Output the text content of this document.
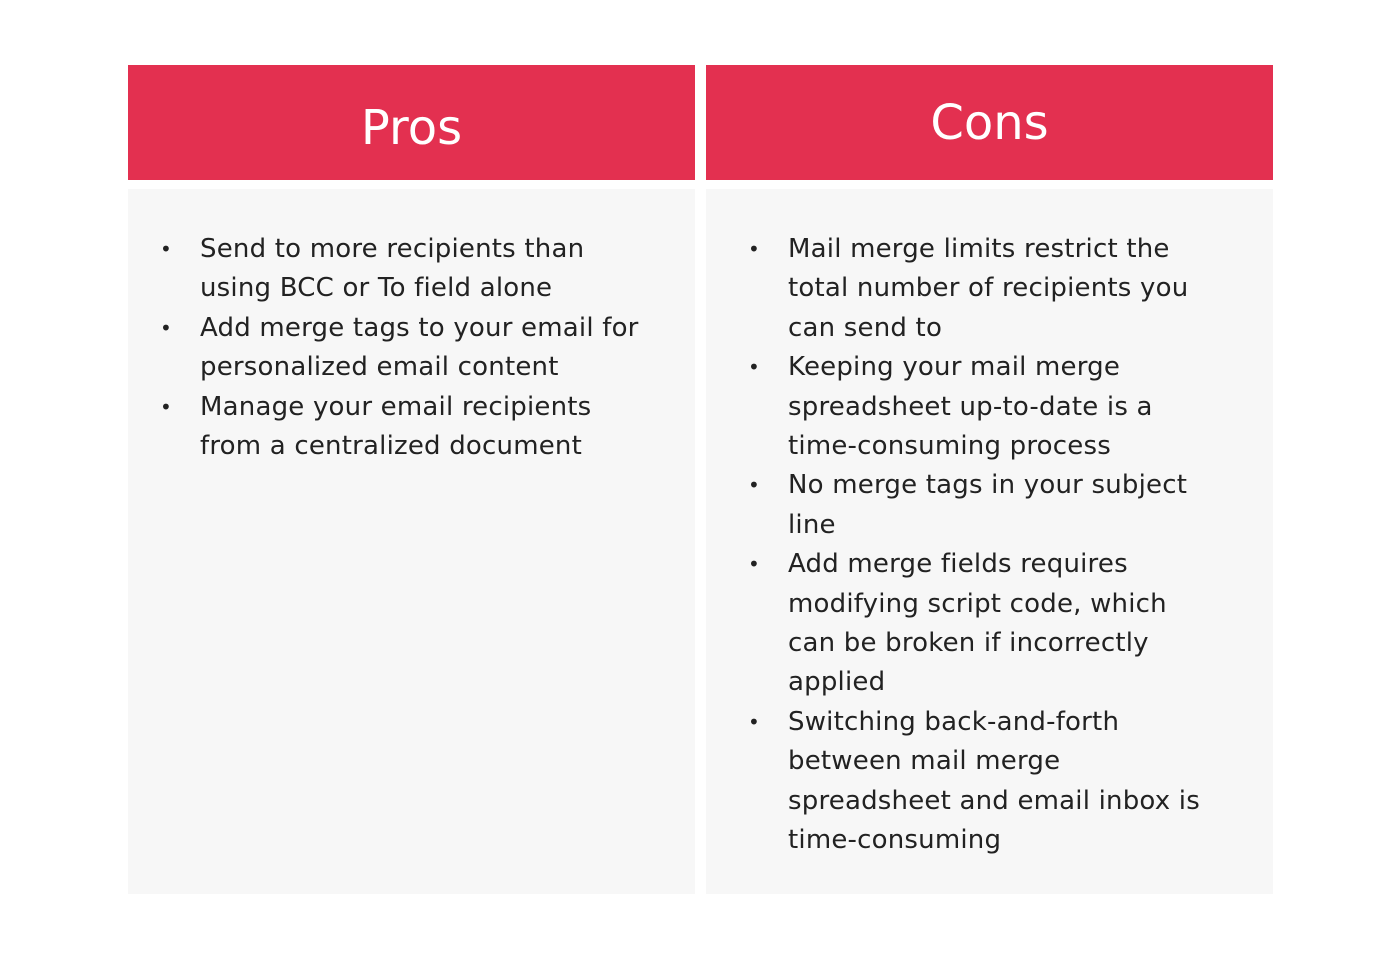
Pros
• Send to more recipients than using BCC or To field alone
• Add merge tags to your email for personalized email content
• Manage your email recipients from a centralized document
Cons
• Mail merge limits restrict the total number of recipients you can send to
• Keeping your mail merge spreadsheet up-to-date is a time-consuming process
• No merge tags in your subject line
• Add merge fields requires modifying script code, which can be broken if incorrectly applied
• Switching back-and-forth between mail merge spreadsheet and email inbox is time-consuming
